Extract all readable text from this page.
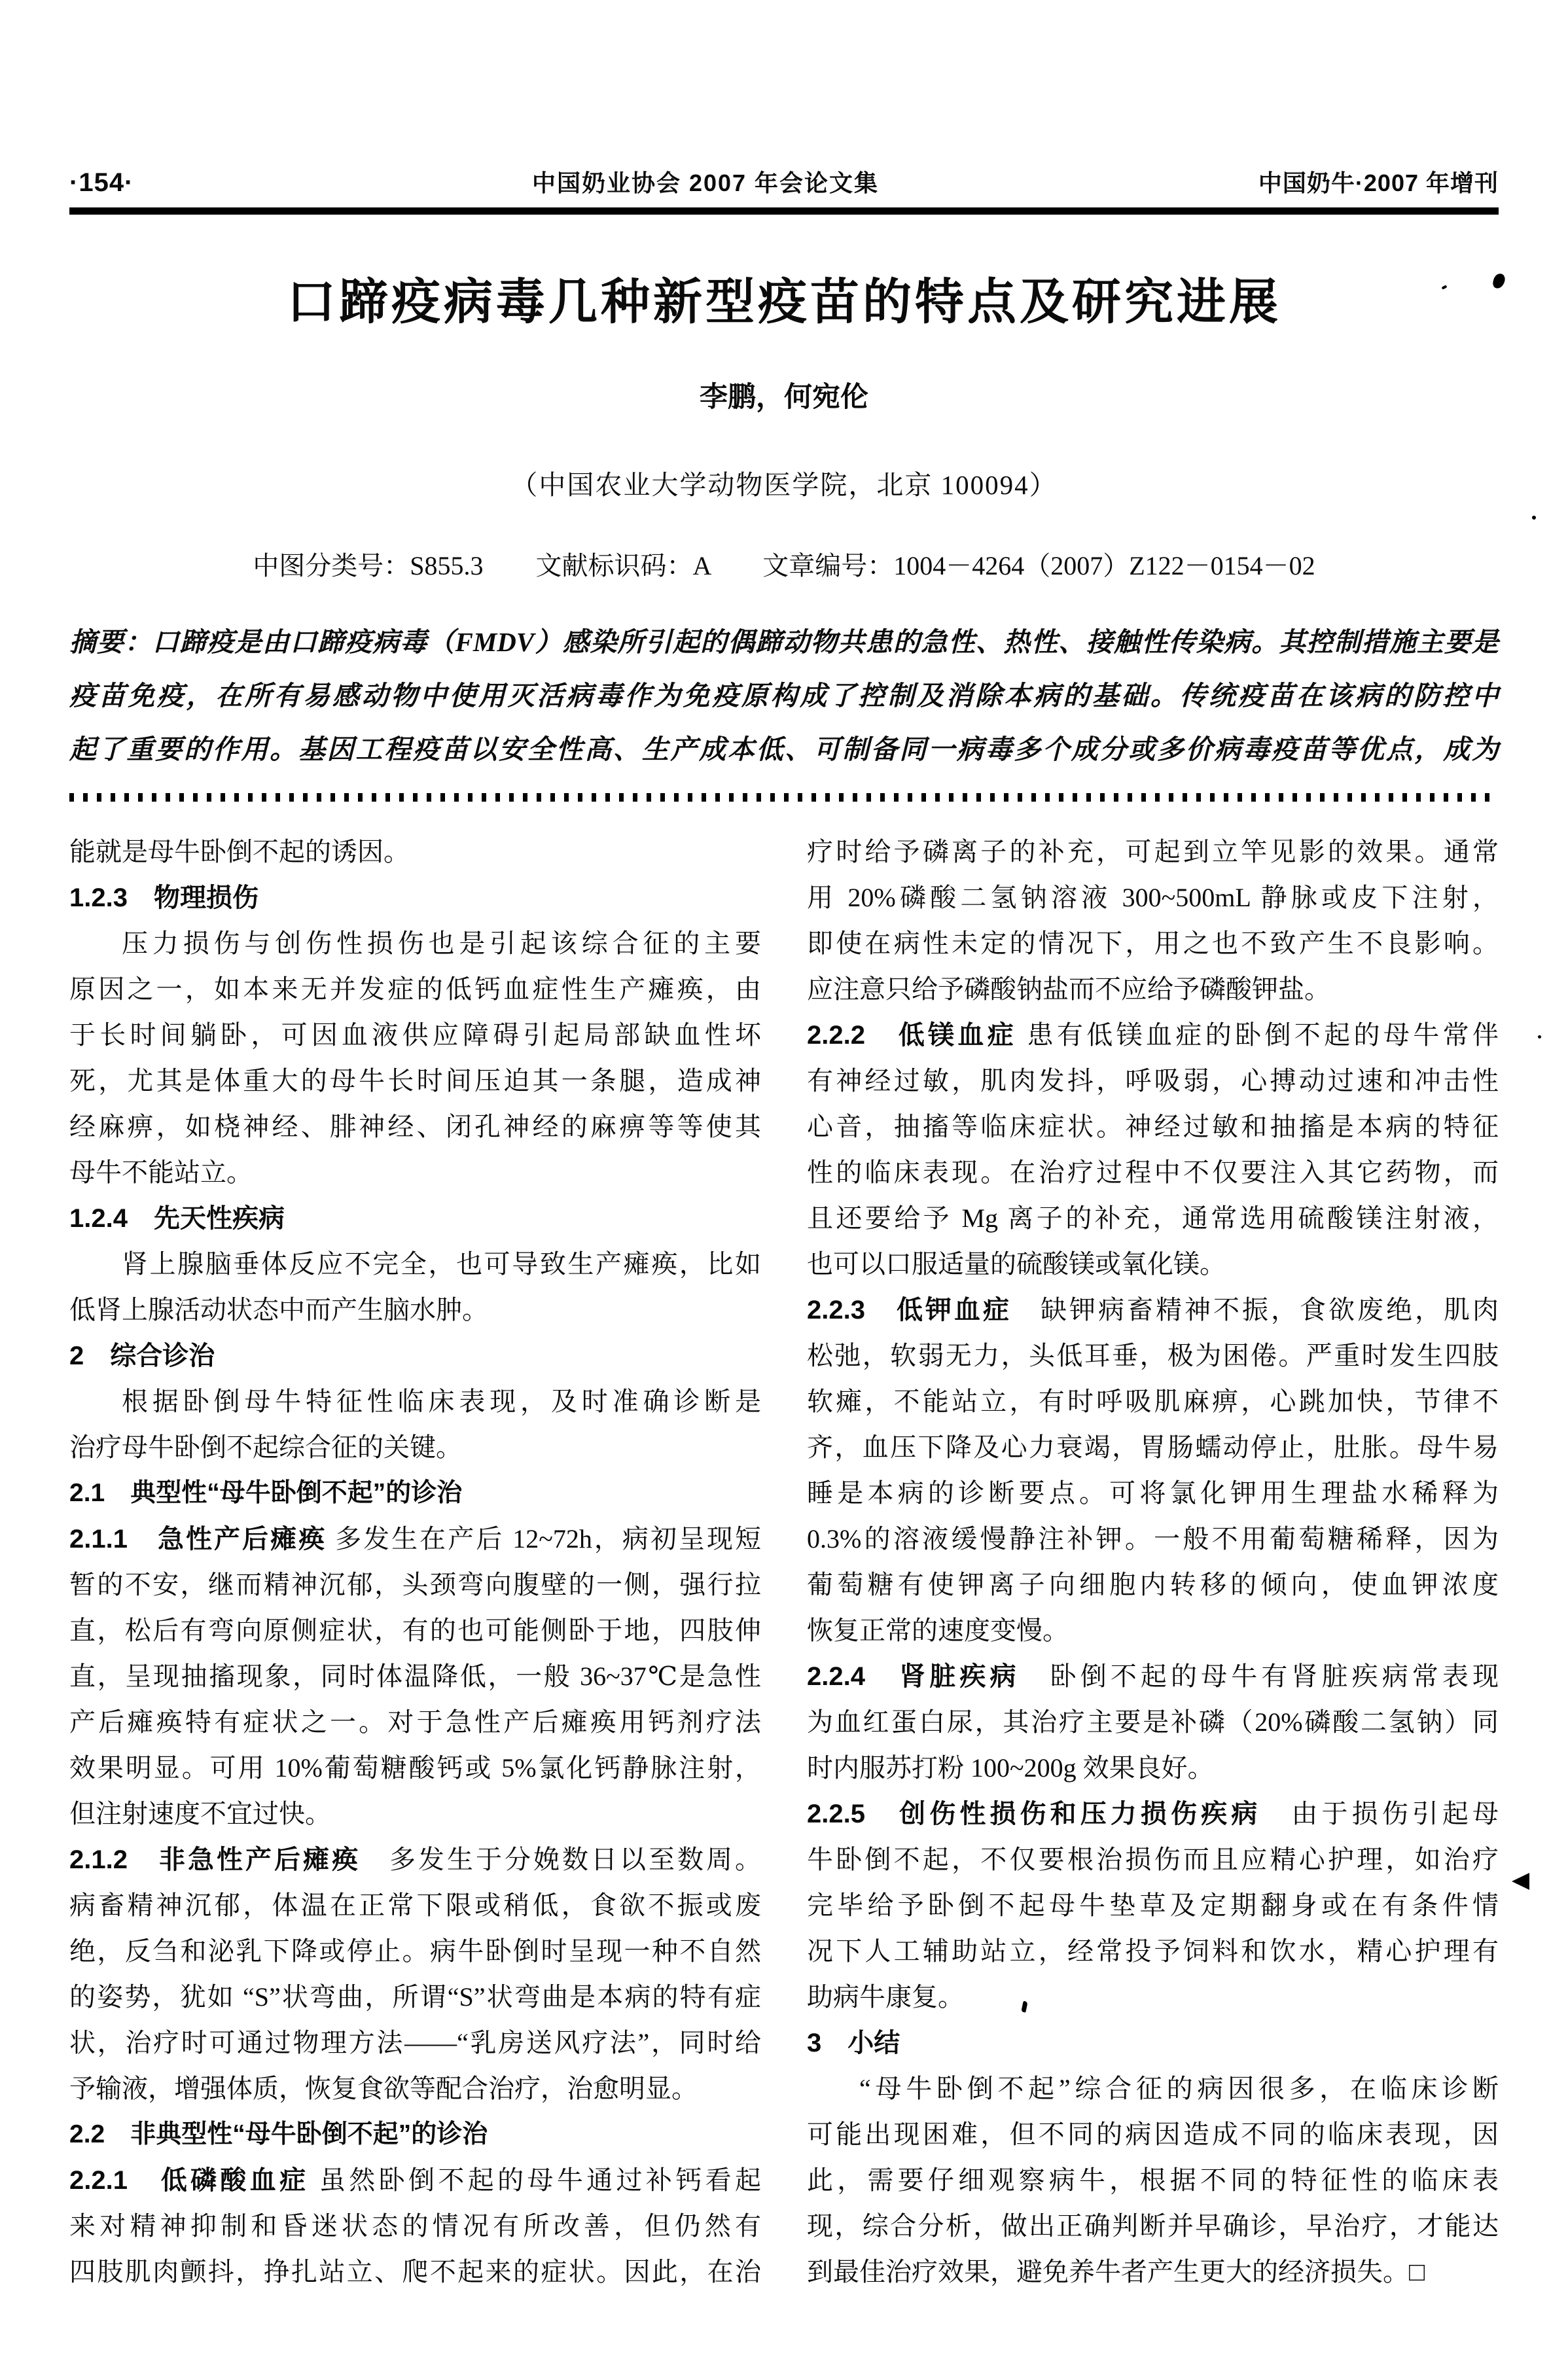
·154·	中国奶业协会 2007 年会论文集	中国奶牛·2007 年增刊
口蹄疫病毒几种新型疫苗的特点及研究进展
李鹏，何宛伦
（中国农业大学动物医学院，北京 100094）
中图分类号：S855.3　　文献标识码：A　　文章编号：1004－4264（2007）Z122－0154－02
摘要：口蹄疫是由口蹄疫病毒（FMDV）感染所引起的偶蹄动物共患的急性、热性、接触性传染病。其控制措施主要是
疫苗免疫，在所有易感动物中使用灭活病毒作为免疫原构成了控制及消除本病的基础。传统疫苗在该病的防控中
起了重要的作用。基因工程疫苗以安全性高、生产成本低、可制备同一病毒多个成分或多价病毒疫苗等优点，成为
能就是母牛卧倒不起的诱因。
1.2.3　物理损伤
压力损伤与创伤性损伤也是引起该综合征的主要
原因之一，如本来无并发症的低钙血症性生产瘫痪，由
于长时间躺卧，可因血液供应障碍引起局部缺血性坏
死，尤其是体重大的母牛长时间压迫其一条腿，造成神
经麻痹，如桡神经、腓神经、闭孔神经的麻痹等等使其
母牛不能站立。
1.2.4　先天性疾病
肾上腺脑垂体反应不完全，也可导致生产瘫痪，比如
低肾上腺活动状态中而产生脑水肿。
2　综合诊治
根据卧倒母牛特征性临床表现，及时准确诊断是
治疗母牛卧倒不起综合征的关键。
2.1　典型性“母牛卧倒不起”的诊治
2.1.1　急性产后瘫痪 多发生在产后 12~72h，病初呈现短
暂的不安，继而精神沉郁，头颈弯向腹壁的一侧，强行拉
直，松后有弯向原侧症状，有的也可能侧卧于地，四肢伸
直，呈现抽搐现象，同时体温降低，一般 36~37℃是急性
产后瘫痪特有症状之一。对于急性产后瘫痪用钙剂疗法
效果明显。可用 10%葡萄糖酸钙或 5%氯化钙静脉注射，
但注射速度不宜过快。
2.1.2　非急性产后瘫痪　多发生于分娩数日以至数周。
病畜精神沉郁，体温在正常下限或稍低，食欲不振或废
绝，反刍和泌乳下降或停止。病牛卧倒时呈现一种不自然
的姿势，犹如 “S”状弯曲，所谓“S”状弯曲是本病的特有症
状，治疗时可通过物理方法——“乳房送风疗法”，同时给
予输液，增强体质，恢复食欲等配合治疗，治愈明显。
2.2　非典型性“母牛卧倒不起”的诊治
2.2.1　低磷酸血症 虽然卧倒不起的母牛通过补钙看起
来对精神抑制和昏迷状态的情况有所改善，但仍然有
四肢肌肉颤抖，挣扎站立、爬不起来的症状。因此，在治
疗时给予磷离子的补充，可起到立竿见影的效果。通常
用 20%磷酸二氢钠溶液 300~500mL 静脉或皮下注射，
即使在病性未定的情况下，用之也不致产生不良影响。
应注意只给予磷酸钠盐而不应给予磷酸钾盐。
2.2.2　低镁血症 患有低镁血症的卧倒不起的母牛常伴
有神经过敏，肌肉发抖，呼吸弱，心搏动过速和冲击性
心音，抽搐等临床症状。神经过敏和抽搐是本病的特征
性的临床表现。在治疗过程中不仅要注入其它药物，而
且还要给予 Mg 离子的补充，通常选用硫酸镁注射液，
也可以口服适量的硫酸镁或氧化镁。
2.2.3　低钾血症　缺钾病畜精神不振，食欲废绝，肌肉
松弛，软弱无力，头低耳垂，极为困倦。严重时发生四肢
软瘫，不能站立，有时呼吸肌麻痹，心跳加快，节律不
齐，血压下降及心力衰竭，胃肠蠕动停止，肚胀。母牛易
睡是本病的诊断要点。可将氯化钾用生理盐水稀释为
0.3%的溶液缓慢静注补钾。一般不用葡萄糖稀释，因为
葡萄糖有使钾离子向细胞内转移的倾向，使血钾浓度
恢复正常的速度变慢。
2.2.4　肾脏疾病　卧倒不起的母牛有肾脏疾病常表现
为血红蛋白尿，其治疗主要是补磷（20%磷酸二氢钠）同
时内服苏打粉 100~200g 效果良好。
2.2.5　创伤性损伤和压力损伤疾病　由于损伤引起母
牛卧倒不起，不仅要根治损伤而且应精心护理，如治疗
完毕给予卧倒不起母牛垫草及定期翻身或在有条件情
况下人工辅助站立，经常投予饲料和饮水，精心护理有
助病牛康复。
3　小结
“母牛卧倒不起”综合征的病因很多，在临床诊断
可能出现困难，但不同的病因造成不同的临床表现，因
此，需要仔细观察病牛，根据不同的特征性的临床表
现，综合分析，做出正确判断并早确诊，早治疗，才能达
到最佳治疗效果，避免养牛者产生更大的经济损失。□
